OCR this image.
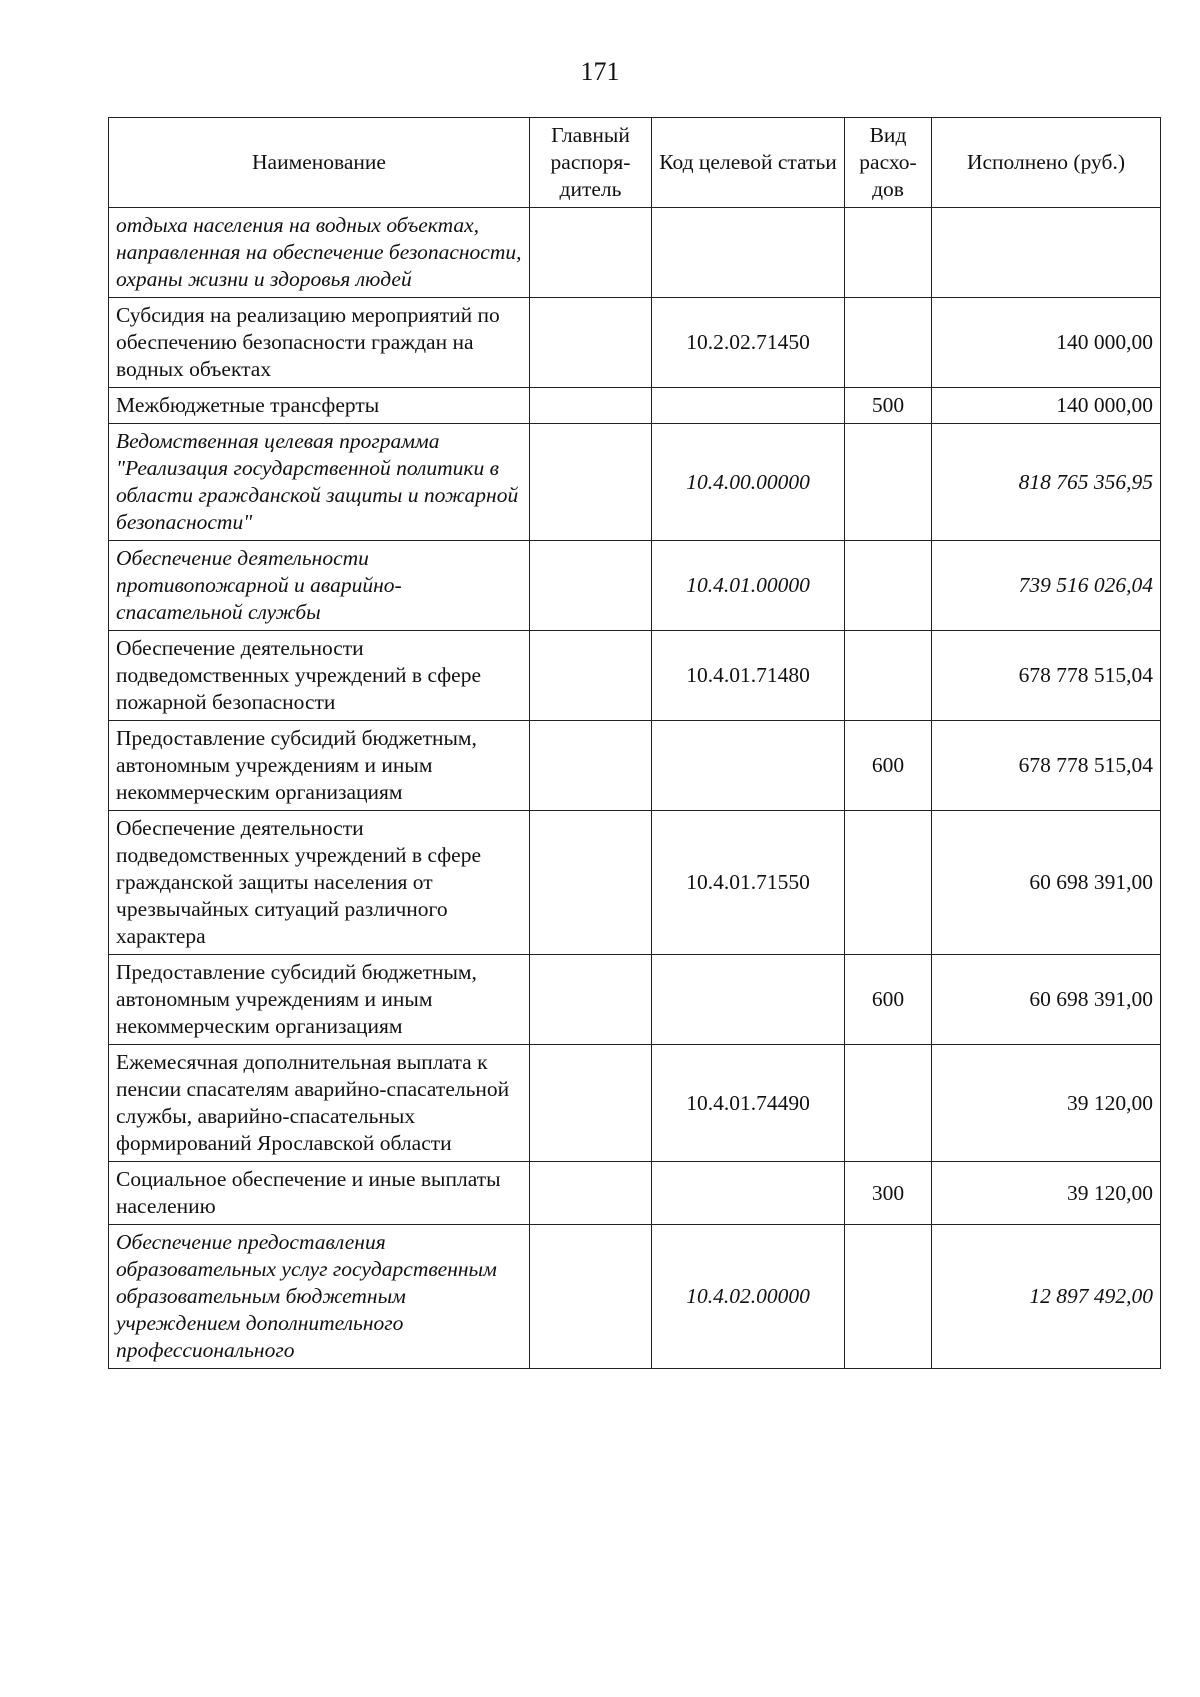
171
Наименование	Главный распоря-дитель	Код целевой статьи	Вид расхо-дов	Исполнено (руб.)
отдыха населения на водных объектах, направленная на обеспечение безопасности, охраны жизни и здоровья людей				
Субсидия на реализацию мероприятий по обеспечению безопасности граждан на водных объектах		10.2.02.71450		140 000,00
Межбюджетные трансферты			500	140 000,00
Ведомственная целевая программа "Реализация государственной политики в области гражданской защиты и пожарной безопасности"		10.4.00.00000		818 765 356,95
Обеспечение деятельности противопожарной и аварийно-спасательной службы		10.4.01.00000		739 516 026,04
Обеспечение деятельности подведомственных учреждений в сфере пожарной безопасности		10.4.01.71480		678 778 515,04
Предоставление субсидий бюджетным, автономным учреждениям и иным некоммерческим организациям			600	678 778 515,04
Обеспечение деятельности подведомственных учреждений в сфере гражданской защиты населения от чрезвычайных ситуаций различного характера		10.4.01.71550		60 698 391,00
Предоставление субсидий бюджетным, автономным учреждениям и иным некоммерческим организациям			600	60 698 391,00
Ежемесячная дополнительная выплата к пенсии спасателям аварийно-спасательной службы, аварийно-спасательных формирований Ярославской области		10.4.01.74490		39 120,00
Социальное обеспечение и иные выплаты населению			300	39 120,00
Обеспечение предоставления образовательных услуг государственным образовательным бюджетным учреждением дополнительного профессионального		10.4.02.00000		12 897 492,00
